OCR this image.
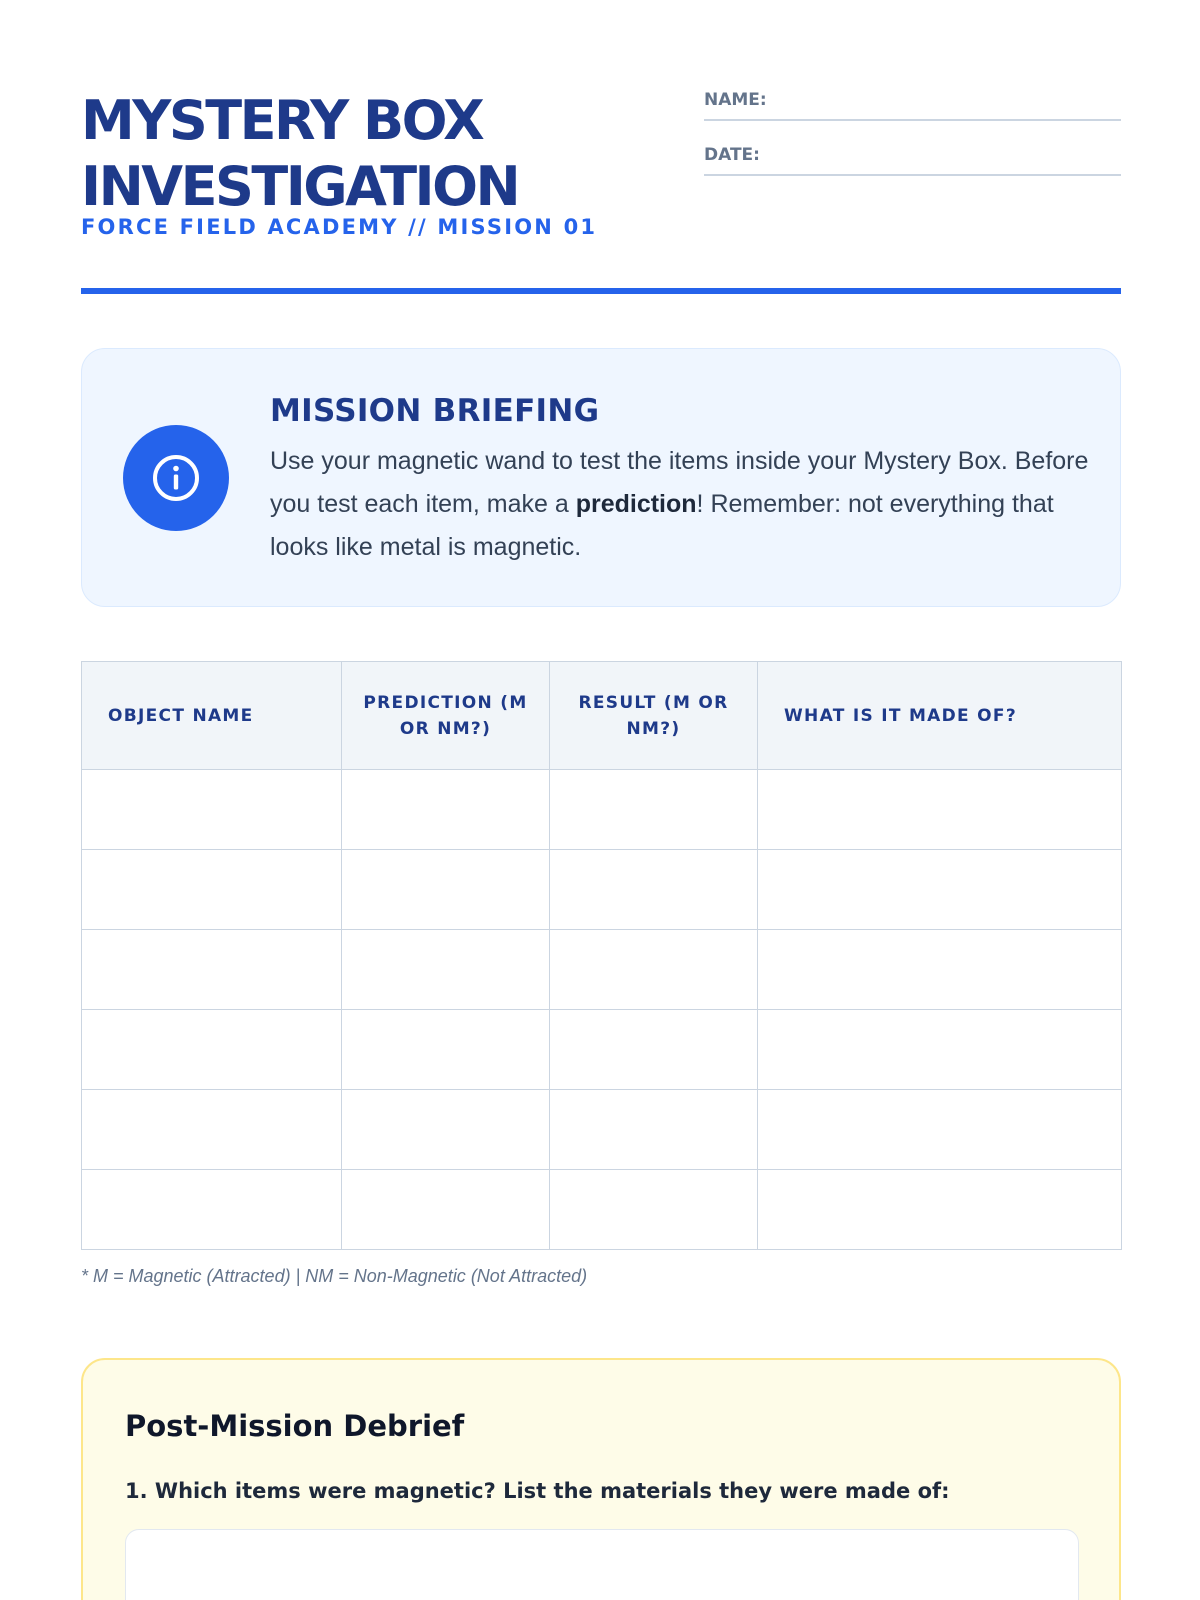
MYSTERY BOX
INVESTIGATION
FORCE FIELD ACADEMY // MISSION 01
NAME:
DATE:
MISSION BRIEFING

Use your magnetic wand to test the items inside your Mystery Box. Before you test each item, make a prediction! Remember: not everything that looks like metal is magnetic.

OBJECT NAME	PREDICTION (M OR NM?)	RESULT (M OR NM?)	WHAT IS IT MADE OF?

* M = Magnetic (Attracted) | NM = Non-Magnetic (Not Attracted)
Post-Mission Debrief
1. Which items were magnetic? List the materials they were made of:
